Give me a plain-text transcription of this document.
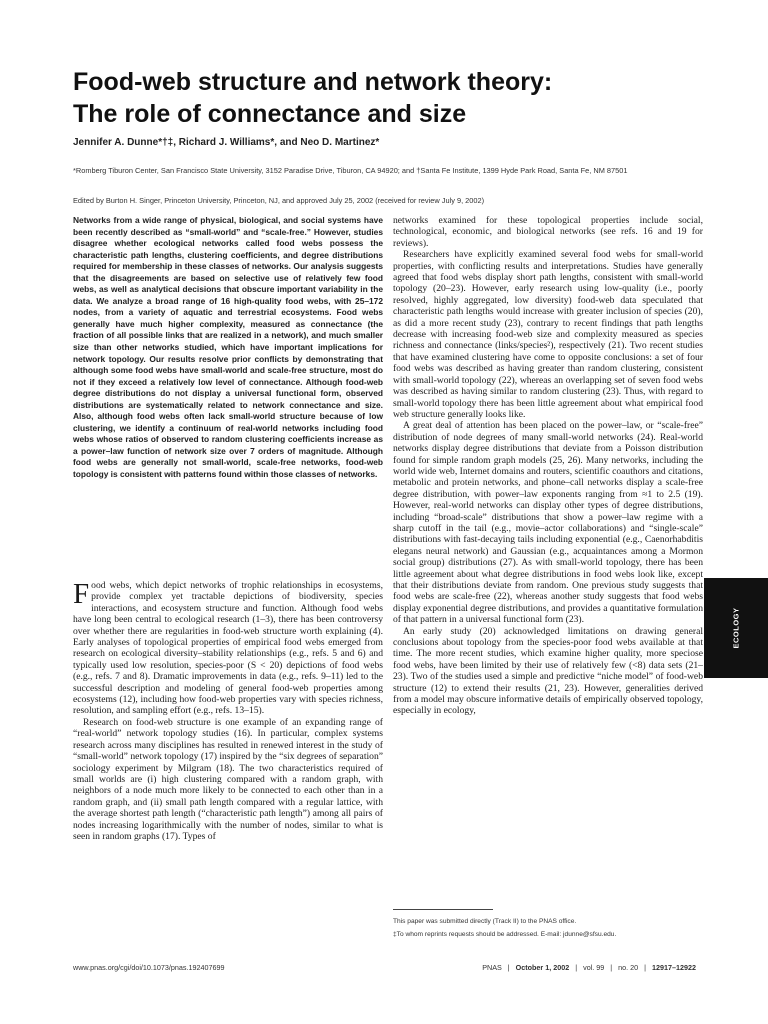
Food-web structure and network theory:
The role of connectance and size
Jennifer A. Dunne*†‡, Richard J. Williams*, and Neo D. Martinez*
*Romberg Tiburon Center, San Francisco State University, 3152 Paradise Drive, Tiburon, CA 94920; and †Santa Fe Institute, 1399 Hyde Park Road, Santa Fe, NM 87501
Edited by Burton H. Singer, Princeton University, Princeton, NJ, and approved July 25, 2002 (received for review July 9, 2002)
Networks from a wide range of physical, biological, and social systems have been recently described as “small-world” and “scale-free.” However, studies disagree whether ecological networks called food webs possess the characteristic path lengths, clustering coefficients, and degree distributions required for membership in these classes of networks. Our analysis suggests that the disagreements are based on selective use of relatively few food webs, as well as analytical decisions that obscure important variability in the data. We analyze a broad range of 16 high-quality food webs, with 25–172 nodes, from a variety of aquatic and terrestrial ecosystems. Food webs generally have much higher complexity, measured as connectance (the fraction of all possible links that are realized in a network), and much smaller size than other networks studied, which have important implications for network topology. Our results resolve prior conflicts by demonstrating that although some food webs have small-world and scale-free structure, most do not if they exceed a relatively low level of connectance. Although food-web degree distributions do not display a universal functional form, observed distributions are systematically related to network connectance and size. Also, although food webs often lack small-world structure because of low clustering, we identify a continuum of real-world networks including food webs whose ratios of observed to random clustering coefficients increase as a power–law function of network size over 7 orders of magnitude. Although food webs are generally not small-world, scale-free networks, food-web topology is consistent with patterns found within those classes of networks.

Food webs, which depict networks of trophic relationships in ecosystems, provide complex yet tractable depictions of biodiversity, species interactions, and ecosystem structure and function. Although food webs have long been central to ecological research (1–3), there has been controversy over whether there are regularities in food-web structure worth explaining (4). Early analyses of topological properties of empirical food webs emerged from research on ecological diversity–stability relationships (e.g., refs. 5 and 6) and typically used low resolution, species-poor (S < 20) depictions of food webs (e.g., refs. 7 and 8). Dramatic improvements in data (e.g., refs. 9–11) led to the successful description and modeling of general food-web properties among ecosystems (12), including how food-web properties vary with species richness, resolution, and sampling effort (e.g., refs. 13–15).

Research on food-web structure is one example of an expanding range of “real-world” network topology studies (16). In particular, complex systems research across many disciplines has resulted in renewed interest in the study of “small-world” network topology (17) inspired by the “six degrees of separation” sociology experiment by Milgram (18). The two characteristics required of small worlds are (i) high clustering compared with a random graph, with neighbors of a node much more likely to be connected to each other than in a random graph, and (ii) small path length compared with a regular lattice, with the average shortest path length (“characteristic path length”) among all pairs of nodes increasing logarithmically with the number of nodes, similar to what is seen in random graphs (17). Types of

networks examined for these topological properties include social, technological, economic, and biological networks (see refs. 16 and 19 for reviews).

Researchers have explicitly examined several food webs for small-world properties, with conflicting results and interpretations. Studies have generally agreed that food webs display short path lengths, consistent with small-world topology (20–23). However, early research using low-quality (i.e., poorly resolved, highly aggregated, low diversity) food-web data speculated that characteristic path lengths would increase with greater inclusion of species (20), as did a more recent study (23), contrary to recent findings that path lengths decrease with increasing food-web size and complexity measured as species richness and connectance (links/species²), respectively (21). Two recent studies that have examined clustering have come to opposite conclusions: a set of four food webs was described as having greater than random clustering, consistent with small-world topology (22), whereas an overlapping set of seven food webs was described as having similar to random clustering (23). Thus, with regard to small-world topology there has been little agreement about what empirical food web structure generally looks like.

A great deal of attention has been placed on the power–law, or “scale-free” distribution of node degrees of many small-world networks (24). Real-world networks display degree distributions that deviate from a Poisson distribution found for simple random graph models (25, 26). Many networks, including the world wide web, Internet domains and routers, scientific coauthors and citations, metabolic and protein networks, and phone–call networks display a scale-free degree distribution, with power–law exponents ranging from ≈1 to 2.5 (19). However, real-world networks can display other types of degree distributions, including “broad-scale” distributions that show a power–law regime with a sharp cutoff in the tail (e.g., movie–actor collaborations) and “single-scale” distributions with fast-decaying tails including exponential (e.g., Caenorhabditis elegans neural network) and Gaussian (e.g., acquaintances among a Mormon social group) distributions (27). As with small-world topology, there has been little agreement about what degree distributions in food webs look like, except that their distributions deviate from random. One previous study suggests that food webs are scale-free (22), whereas another study suggests that food webs display exponential degree distributions, and provides a quantitative formulation of that pattern in a universal functional form (23).

An early study (20) acknowledged limitations on drawing general conclusions about topology from the species-poor food webs available at that time. The more recent studies, which examine higher quality, more speciose food webs, have been limited by their use of relatively few (<8) data sets (21–23). Two of the studies used a simple and predictive “niche model” of food-web structure (12) to extend their results (21, 23). However, generalities derived from a model may obscure informative details of empirically observed topology, especially in ecology,

This paper was submitted directly (Track II) to the PNAS office.
‡To whom reprints requests should be addressed. E-mail: jdunne@sfsu.edu.
www.pnas.org/cgi/doi/10.1073/pnas.192407699	PNAS | October 1, 2002 | vol. 99 | no. 20 | 12917–12922
ECOLOGY
